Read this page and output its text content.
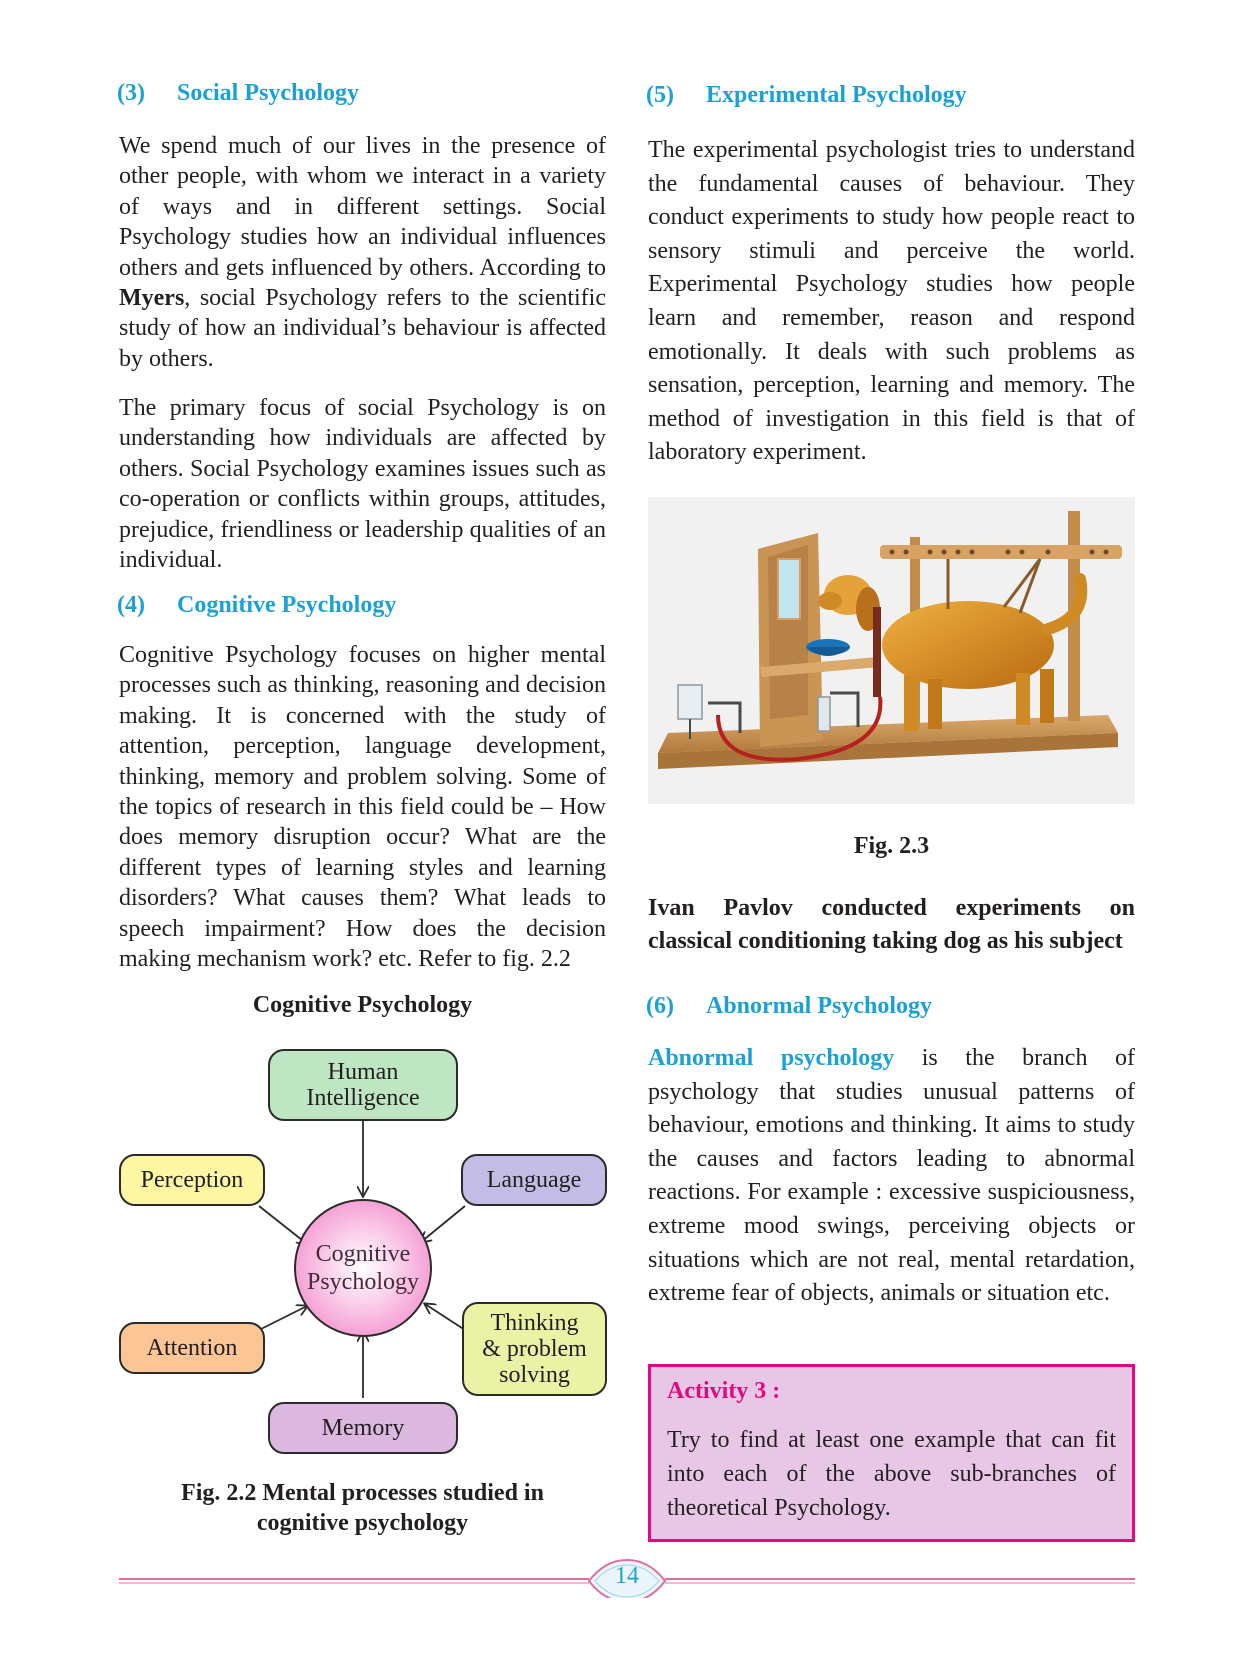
(3) Social Psychology

We spend much of our lives in the presence of other people, with whom we interact in a variety of ways and in different settings. Social Psychology studies how an individual influences others and gets influenced by others. According to Myers, social Psychology refers to the scientific study of how an individual’s behaviour is affected by others.

The primary focus of social Psychology is on understanding how individuals are affected by others. Social Psychology examines issues such as co-operation or conflicts within groups, attitudes, prejudice, friendliness or leadership qualities of an individual.

(4) Cognitive Psychology

Cognitive Psychology focuses on higher mental processes such as thinking, reasoning and decision making. It is concerned with the study of attention, perception, language development, thinking, memory and problem solving. Some of the topics of research in this field could be – How does memory disruption occur? What are the different types of learning styles and learning disorders? What causes them? What leads to speech impairment? How does the decision making mechanism work? etc. Refer to fig. 2.2

Cognitive Psychology

Human
Intelligence
Perception	Language
Cognitive
Psychology
Attention
Thinking
& problem
solving
Memory
Fig. 2.2 Mental processes studied in
cognitive psychology
(5) Experimental Psychology

The experimental psychologist tries to understand the fundamental causes of behaviour. They conduct experiments to study how people react to sensory stimuli and perceive the world. Experimental Psychology studies how people learn and remember, reason and respond emotionally. It deals with such problems as sensation, perception, learning and memory. The method of investigation in this field is that of laboratory experiment.

Fig. 2.3

Ivan Pavlov conducted experiments on
classical conditioning taking dog as his subject

(6) Abnormal Psychology

Abnormal psychology is the branch of psychology that studies unusual patterns of behaviour, emotions and thinking. It aims to study the causes and factors leading to abnormal reactions. For example : excessive suspiciousness, extreme mood swings, perceiving objects or situations which are not real, mental retardation, extreme fear of objects, animals or situation etc.

Activity 3 :

Try to find at least one example that can fit into each of the above sub-branches of theoretical Psychology.

14
